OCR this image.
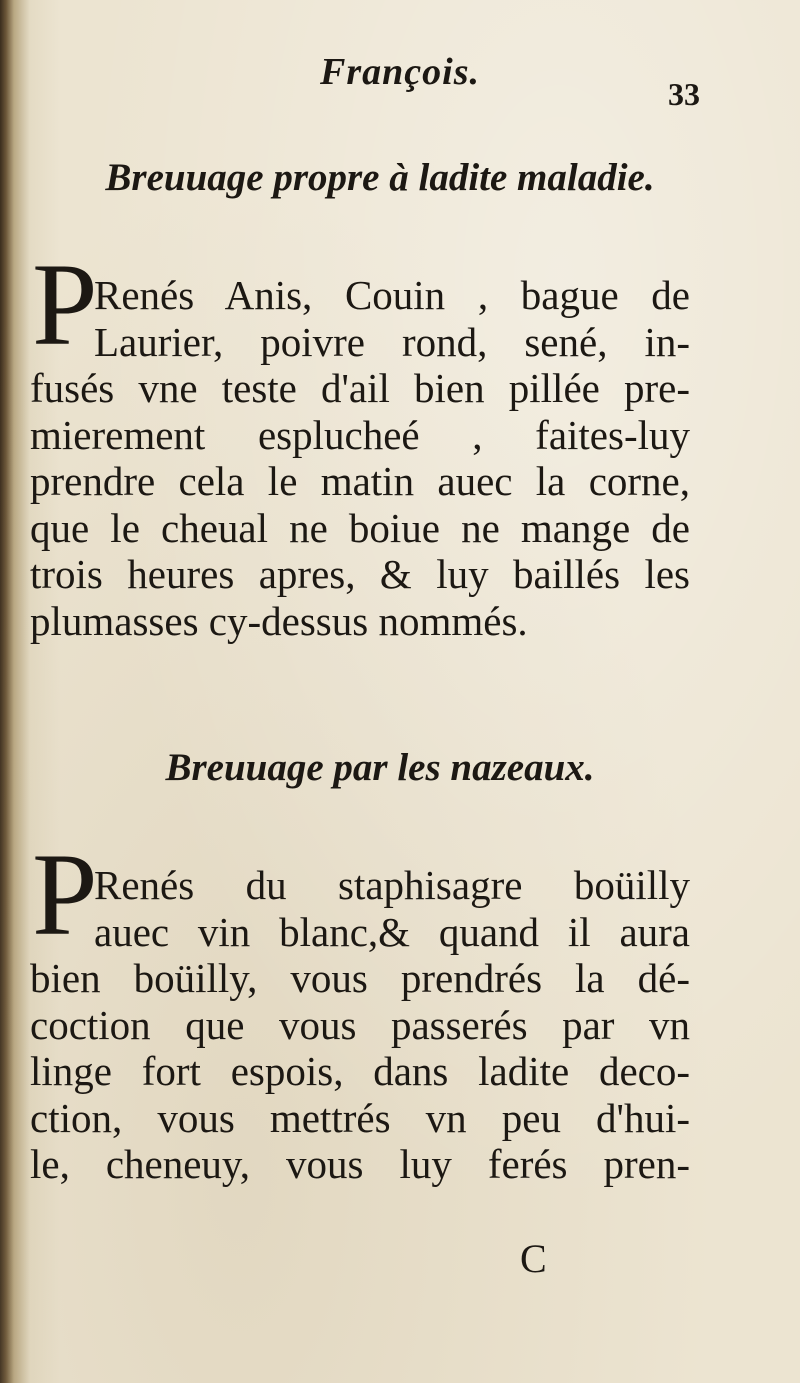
François.
33
Breuuage propre à ladite maladie.
P
Renés Anis, Couin , bague de
Laurier, poivre rond, sené, in-
fusés vne teste d'ail bien pillée pre-
mierement esplucheé , faites-luy
prendre cela le matin auec la corne,
que le cheual ne boiue ne mange de
trois heures apres, & luy baillés les
plumasses cy-dessus nommés.
Breuuage par les nazeaux.
P
Renés du staphisagre boüilly
auec vin blanc,& quand il aura
bien boüilly, vous prendrés la dé-
coction que vous passerés par vn
linge fort espois, dans ladite deco-
ction, vous mettrés vn peu d'hui-
le, cheneuy, vous luy ferés pren-
C
